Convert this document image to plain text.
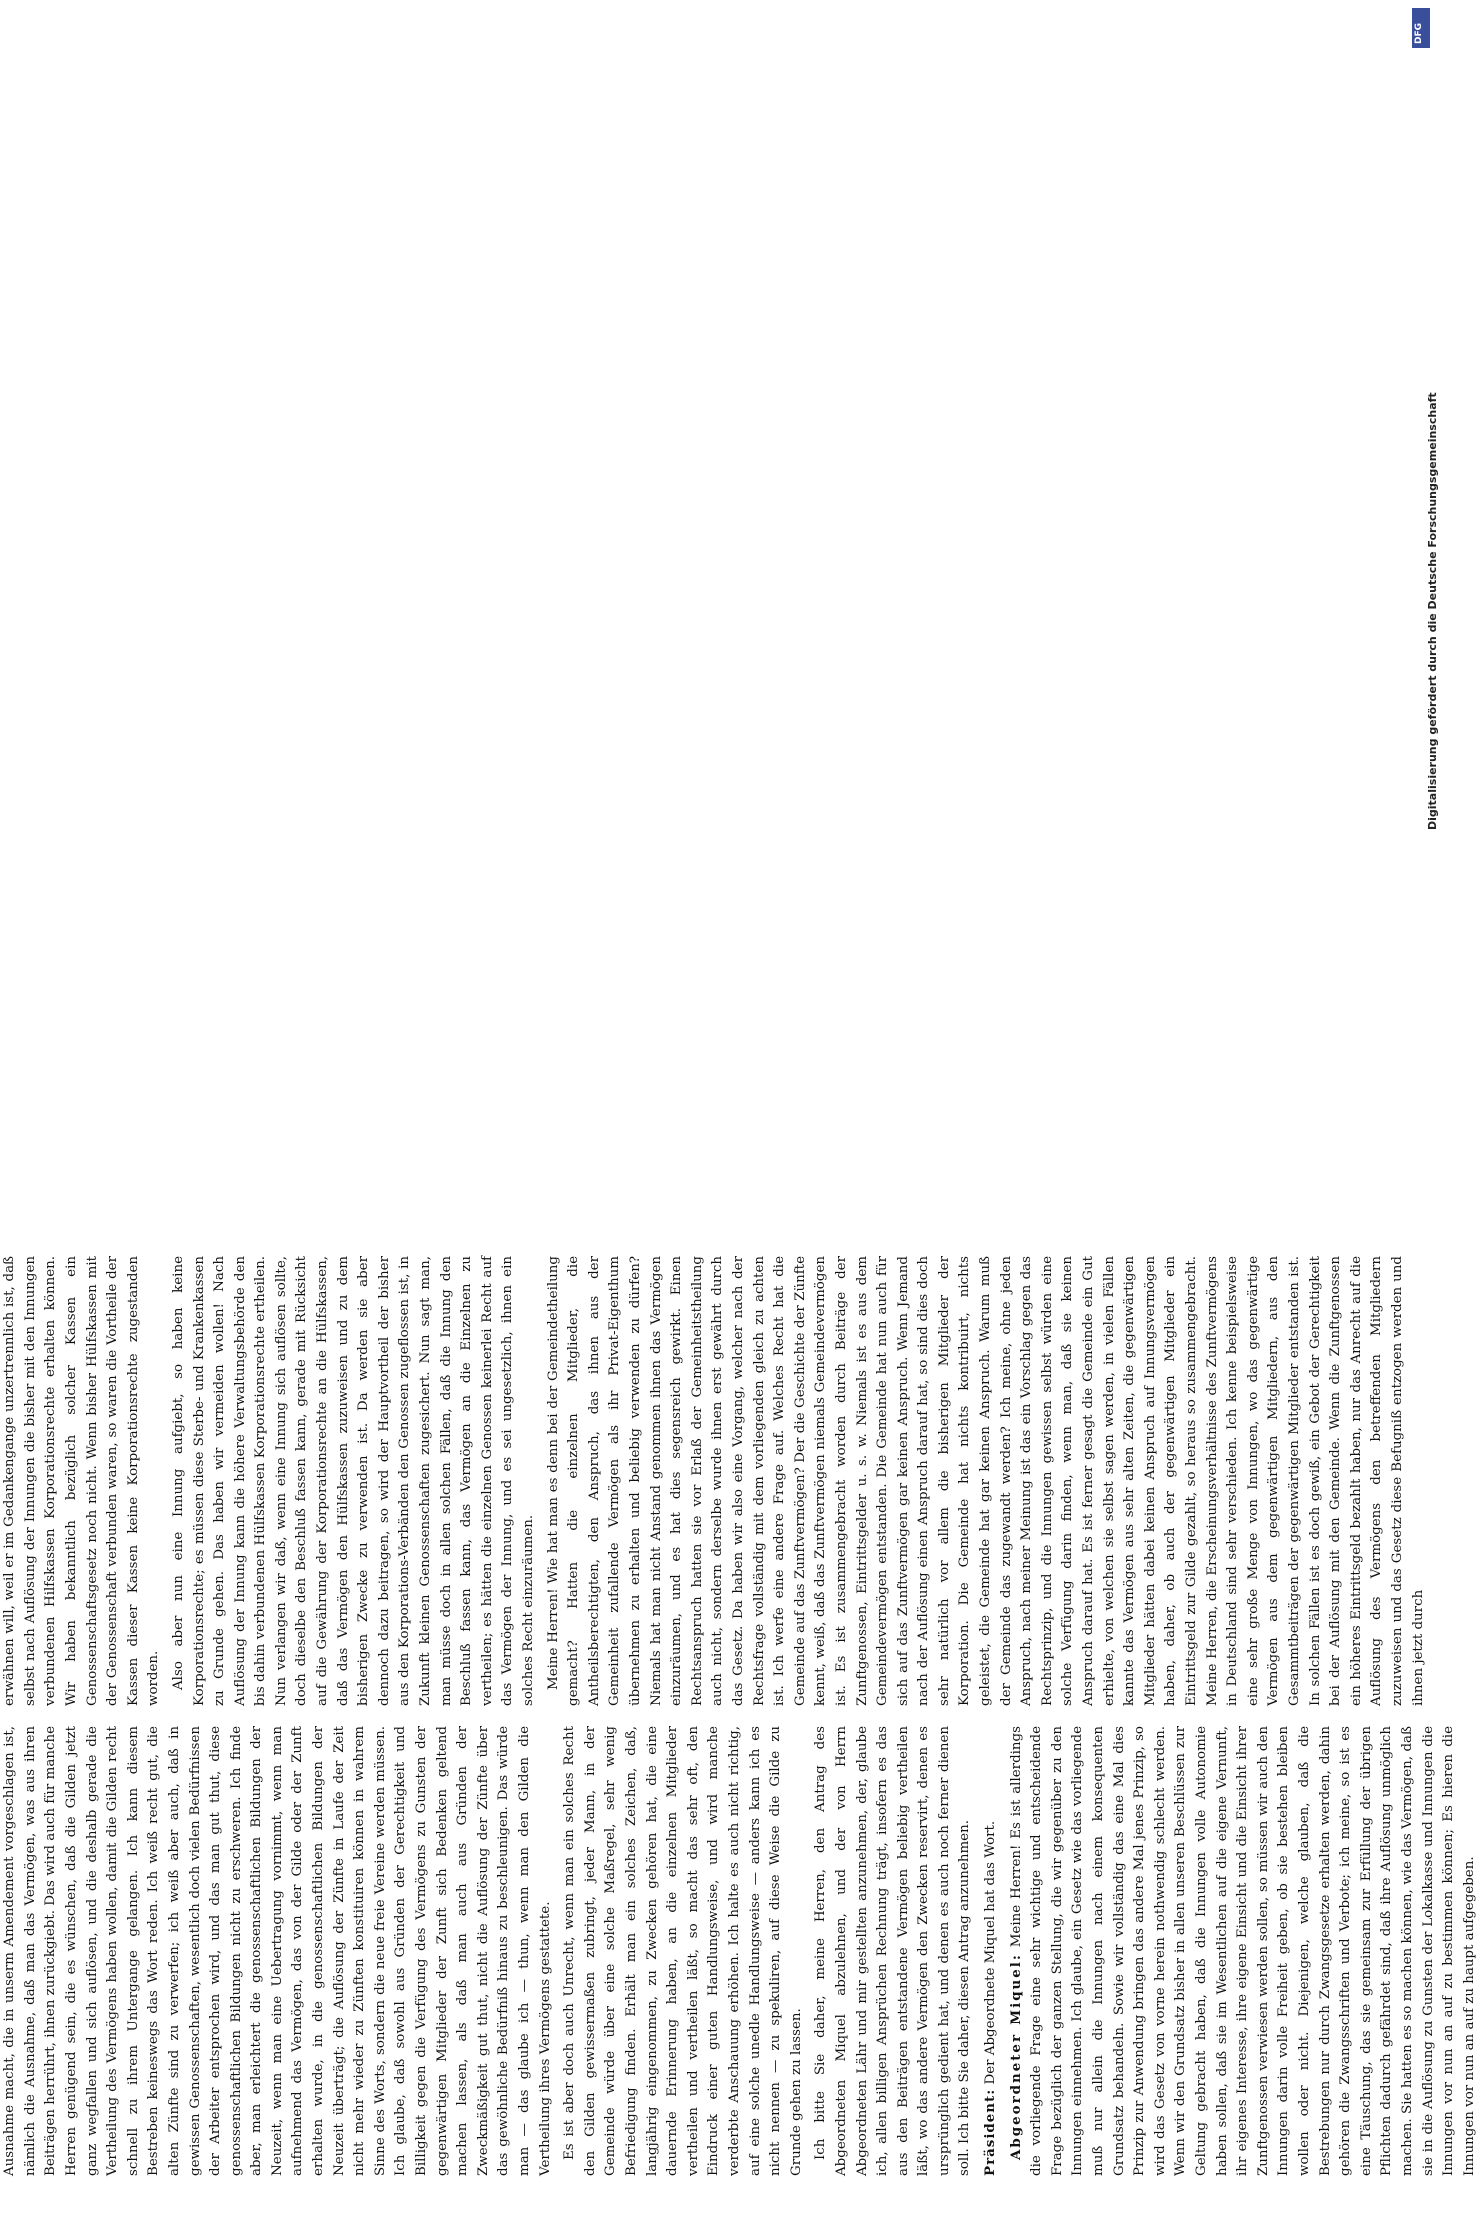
Ausnahme macht, die in unserm Amendement vorgeschlagen ist, nämlich die Ausnahme, daß man das Vermögen, was aus ihren Beiträgen herrührt, ihnen zurückgiebt. Das wird auch für manche Herren genügend sein, die es wünschen, daß die Gilden jetzt ganz wegfallen und sich auflösen, und die deshalb gerade die Vertheilung des Vermögens haben wollen, damit die Gilden recht schnell zu ihrem Untergange gelangen. Ich kann diesem Bestreben keineswegs das Wort reden. Ich weiß recht gut, die alten Zünfte sind zu verwerfen; ich weiß aber auch, daß in gewissen Genossenschaften, wesentlich doch vielen Bedürfnissen der Arbeiter entsprochen wird, und das man gut thut, diese genossenschaftlichen Bildungen nicht zu erschweren. Ich finde aber, man erleichtert die genossenschaftlichen Bildungen der Neuzeit, wenn man eine Uebertragung vornimmt, wenn man aufnehmend das Vermögen, das von der Gilde oder der Zunft erhalten wurde, in die genossenschaftlichen Bildungen der Neuzeit überträgt; die Auflösung der Zünfte in Laufe der Zeit nicht mehr wieder zu Zünften konstituiren können in wahrem Sinne des Worts, sondern die neue freie Vereine werden müssen. Ich glaube, daß sowohl aus Gründen der Gerechtigkeit und Billigkeit gegen die Verfügung des Vermögens zu Gunsten der gegenwärtigen Mitglieder der Zunft sich Bedenken geltend machen lassen, als daß man auch aus Gründen der Zweckmäßigkeit gut thut, nicht die Auflösung der Zünfte über das gewöhnliche Bedürfniß hinaus zu beschleunigen. Das würde man — das glaube ich — thun, wenn man den Gilden die Vertheilung ihres Vermögens gestattete. Es ist aber doch auch Unrecht, wenn man ein solches Recht den Gilden gewissermaßen zubringt, jeder Mann, in der Gemeinde würde über eine solche Maßregel, sehr wenig Befriedigung finden. Erhält man ein solches Zeichen, daß, langjährig eingenommen, zu Zwecken gehören hat, die eine dauernde Erinnerung haben, an die einzelnen Mitglieder vertheilen und vertheilen läßt, so macht das sehr oft, den Eindruck einer guten Handlungsweise, und wird manche verderbte Anschauung erhöhen. Ich halte es auch nicht richtig, auf eine solche unedle Handlungsweise — anders kann ich es nicht nennen — zu spekuliren, auf diese Weise die Gilde zu Grunde gehen zu lassen. Ich bitte Sie daher, meine Herren, den Antrag des Abgeordneten Miquel abzulehnen, und der von Herrn Abgeordneten Lähr und mir gestellten anzunehmen, der, glaube ich, allen billigen Ansprüchen Rechnung trägt, insofern es das aus den Beiträgen entstandene Vermögen beliebig vertheilen läßt, wo das andere Vermögen den Zwecken reservirt, denen es ursprünglich gedient hat, und denen es auch noch ferner dienen soll. Ich bitte Sie daher, diesen Antrag anzunehmen. Präsident: Der Abgeordnete Miquel hat das Wort. Abgeordneter Miquel: Meine Herren! Es ist allerdings die vorliegende Frage eine sehr wichtige und entscheidende Frage bezüglich der ganzen Stellung, die wir gegenüber zu den Innungen einnehmen. Ich glaube, ein Gesetz wie das vorliegende muß nur allein die Innungen nach einem konsequenten Grundsatz behandeln. Sowie wir vollständig das eine Mal dies Prinzip zur Anwendung bringen das andere Mal jenes Prinzip, so wird das Gesetz von vorne herein nothwendig schlecht werden. Wenn wir den Grundsatz bisher in allen unseren Beschlüssen zur Geltung gebracht haben, daß die Innungen volle Autonomie haben sollen, daß sie im Wesentlichen auf die eigene Vernunft, ihr eigenes Interesse, ihre eigene Einsicht und die Einsicht ihrer Zunftgenossen verwiesen werden sollen, so müssen wir auch den Innungen darin volle Freiheit geben, ob sie bestehen bleiben wollen oder nicht. Diejenigen, welche glauben, daß die Bestrebungen nur durch Zwangsgesetze erhalten werden, dahin gehören die Zwangsschriften und Verbote; ich meine, so ist es eine Täuschung, das sie gemeinsam zur Erfüllung der übrigen Pflichten dadurch gefährdet sind, daß ihre Auflösung unmöglich machen. Sie hatten es so machen können, wie das Vermögen, daß sie in die Auflösung zu Gunsten der Lokalkasse und Innungen die Innungen vor nun an auf zu bestimmen können; Es hieren die Innungen vor nun an auf zu haupt aufgegeben.

erwähnen will, weil er im Gedankengange unzertrennlich ist, daß selbst nach Auflösung der Innungen die bisher mit den Innungen verbundenen Hilfskassen Korporationsrechte erhalten können. Wir haben bekanntlich bezüglich solcher Kassen ein Genossenschaftsgesetz noch nicht. Wenn bisher Hülfskassen mit der Genossenschaft verbunden waren, so waren die Vortheile der Kassen dieser Kassen keine Korporationsrechte zugestanden worden. Also aber nun eine Innung aufgiebt, so haben keine Korporationsrechte; es müssen diese Sterbe- und Krankenkassen zu Grunde gehen. Das haben wir vermeiden wollen! Nach Auflösung der Innung kann die höhere Verwaltungsbehörde den bis dahin verbundenen Hülfskassen Korporationsrechte ertheilen. Nun verlangen wir daß, wenn eine Innung sich auflösen sollte, doch dieselbe den Beschluß fassen kann, gerade mit Rücksicht auf die Gewährung der Korporationsrechte an die Hülfskassen, daß das Vermögen den Hülfskassen zuzuweisen und zu dem bisherigen Zwecke zu verwenden ist. Da werden sie aber dennoch dazu beitragen, so wird der Hauptvortheil der bisher aus den Korporations-Verbänden den Genossen zugeflossen ist, in Zukunft kleinen Genossenschaften zugesichert. Nun sagt man, man müsse doch in allen solchen Fällen, daß die Innung den Beschluß fassen kann, das Vermögen an die Einzelnen zu vertheilen; es hätten die einzelnen Genossen keinerlei Recht auf das Vermögen der Innung, und es sei ungesetzlich, ihnen ein solches Recht einzuräumen. Meine Herren! Wie hat man es denn bei der Gemeindetheilung gemacht? Hatten die einzelnen Mitglieder, die Antheilsberechtigten, den Anspruch, das ihnen aus der Gemeinheit zufallende Vermögen als ihr Privat-Eigenthum übernehmen zu erhalten und beliebig verwenden zu dürfen? Niemals hat man nicht Anstand genommen ihnen das Vermögen einzuräumen, und es hat dies segensreich gewirkt. Einen Rechtsanspruch hatten sie vor Erlaß der Gemeinheitstheilung auch nicht, sondern derselbe wurde ihnen erst gewährt durch das Gesetz. Da haben wir also eine Vorgang, welcher nach der Rechtsfrage vollständig mit dem vorliegenden gleich zu achten ist. Ich werfe eine andere Frage auf. Welches Recht hat die Gemeinde auf das Zunftvermögen? Der die Geschichte der Zünfte kennt, weiß, daß das Zunftvermögen niemals Gemeindevermögen ist. Es ist zusammengebracht worden durch Beiträge der Zunftgenossen, Eintrittsgelder u. s. w. Niemals ist es aus dem Gemeindevermögen entstanden. Die Gemeinde hat nun auch für sich auf das Zunftvermögen gar keinen Anspruch. Wenn Jemand nach der Auflösung einen Anspruch darauf hat, so sind dies doch sehr natürlich vor allem die bisherigen Mitglieder der Korporation. Die Gemeinde hat nichts kontribuirt, nichts geleistet, die Gemeinde hat gar keinen Anspruch. Warum muß der Gemeinde das zugewandt werden? Ich meine, ohne jeden Anspruch, nach meiner Meinung ist das ein Vorschlag gegen das Rechtsprinzip, und die Innungen gewissen selbst würden eine solche Verfügung darin finden, wenn man, daß sie keinen Anspruch darauf hat. Es ist ferner gesagt die Gemeinde ein Gut erhielte, von welchen sie selbst sagen werden, in vielen Fällen kannte das Vermögen aus sehr alten Zeiten, die gegenwärtigen Mitglieder hätten dabei keinen Anspruch auf Innungsvermögen haben, daher, ob auch der gegenwärtigen Mitglieder ein Eintrittsgeld zur Gilde gezahlt, so heraus so zusammengebracht. Meine Herren, die Erscheinungsverhältnisse des Zunftvermögens in Deutschland sind sehr verschieden. Ich kenne beispielsweise eine sehr große Menge von Innungen, wo das gegenwärtige Vermögen aus dem gegenwärtigen Mitgliedern, aus den Gesammtbeiträgen der gegenwärtigen Mitglieder entstanden ist. In solchen Fällen ist es doch gewiß, ein Gebot der Gerechtigkeit bei der Auflösung mit den Gemeinde. Wenn die Zunftgenossen ein höheres Eintrittsgeld bezahlt haben, nur das Anrecht auf die Auflösung des Vermögens den betreffenden Mitgliedern zuzuweisen und das Gesetz diese Befugniß entzogen werden und ihnen jetzt durch

DFG
Digitalisierung gefördert durch die Deutsche Forschungsgemeinschaft
